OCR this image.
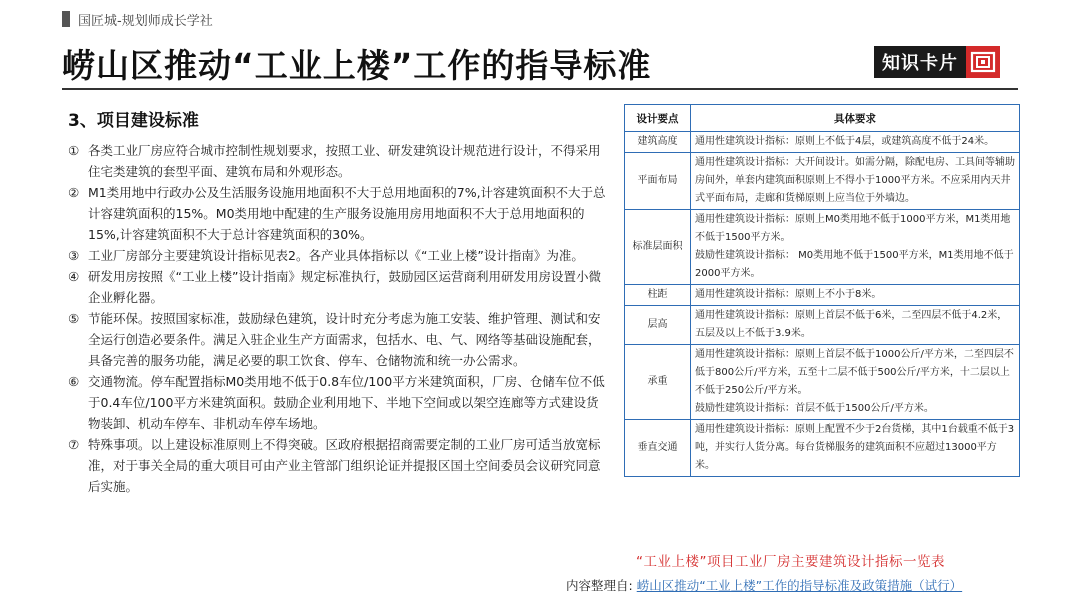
国匠城-规划师成长学社
崂山区推动“工业上楼”工作的指导标准	知识卡片
3、项目建设标准
① 各类工业厂房应符合城市控制性规划要求，按照工业、研发建筑设计规范进行设计，不得采用住宅类建筑的套型平面、建筑布局和外观形态。
② M1类用地中行政办公及生活服务设施用地面积不大于总用地面积的7%,计容建筑面积不大于总计容建筑面积的15%。M0类用地中配建的生产服务设施用房用地面积不大于总用地面积的15%,计容建筑面积不大于总计容建筑面积的30%。
③ 工业厂房部分主要建筑设计指标见表2。各产业具体指标以《“工业上楼”设计指南》为准。
④ 研发用房按照《“工业上楼”设计指南》规定标准执行，鼓励园区运营商利用研发用房设置小微企业孵化器。
⑤ 节能环保。按照国家标准，鼓励绿色建筑，设计时充分考虑为施工安装、维护管理、测试和安全运行创造必要条件。满足入驻企业生产方面需求，包括水、电、气、网络等基础设施配套，具备完善的服务功能，满足必要的职工饮食、停车、仓储物流和统一办公需求。
⑥ 交通物流。停车配置指标M0类用地不低于0.8车位/100平方米建筑面积，厂房、仓储车位不低于0.4车位/100平方米建筑面积。鼓励企业利用地下、半地下空间或以架空连廊等方式建设货物装卸、机动车停车、非机动车停车场地。
⑦ 特殊事项。以上建设标准原则上不得突破。区政府根据招商需要定制的工业厂房可适当放宽标准，对于事关全局的重大项目可由产业主管部门组织论证并提报区国土空间委员会议研究同意后实施。
设计要点	具体要求
建筑高度	通用性建筑设计指标：原则上不低于4层，或建筑高度不低于24米。
平面布局	通用性建筑设计指标：大开间设计。如需分隔，除配电房、工具间等辅助房间外，单套内建筑面积原则上不得小于1000平方米。不应采用内天井式平面布局，走廊和货梯原则上应当位于外墙边。
标准层面积	通用性建筑设计指标：原则上M0类用地不低于1000平方米，M1类用地不低于1500平方米。
鼓励性建筑设计指标： M0类用地不低于1500平方米，M1类用地不低于2000平方米。

柱距	通用性建筑设计指标：原则上不小于8米。
层高	通用性建筑设计指标：原则上首层不低于6米，二至四层不低于4.2米，五层及以上不低于3.9米。
承重	通用性建筑设计指标：原则上首层不低于1000公斤/平方米，二至四层不低于800公斤/平方米，五至十二层不低于500公斤/平方米，十二层以上不低于250公斤/平方米。
鼓励性建筑设计指标：首层不低于1500公斤/平方米。

垂直交通	通用性建筑设计指标：原则上配置不少于2台货梯，其中1台载重不低于3吨，并实行人货分离。每台货梯服务的建筑面积不应超过13000平方米。
“工业上楼”项目工业厂房主要建筑设计指标一览表
内容整理自: 崂山区推动“工业上楼”工作的指导标准及政策措施（试行）
